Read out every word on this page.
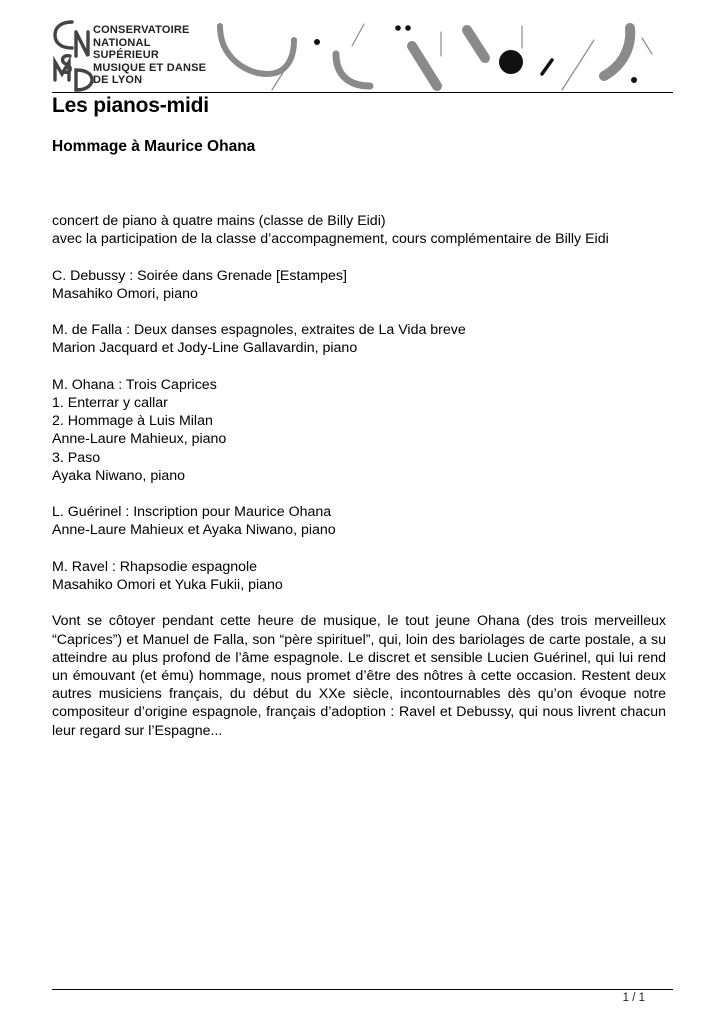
CONSERVATOIRE
NATIONAL
SUPÉRIEUR
MUSIQUE ET DANSE
DE LYON
Les pianos-midi
Hommage à Maurice Ohana
concert de piano à quatre mains (classe de Billy Eidi)
avec la participation de la classe d’accompagnement, cours complémentaire de Billy Eidi
C. Debussy : Soirée dans Grenade [Estampes]
Masahiko Omori, piano
M. de Falla : Deux danses espagnoles, extraites de La Vida breve
Marion Jacquard et Jody-Line Gallavardin, piano
M. Ohana : Trois Caprices
1. Enterrar y callar
2. Hommage à Luis Milan
Anne-Laure Mahieux, piano
3. Paso
Ayaka Niwano, piano
L. Guérinel : Inscription pour Maurice Ohana
Anne-Laure Mahieux et Ayaka Niwano, piano
M. Ravel : Rhapsodie espagnole
Masahiko Omori et Yuka Fukii, piano

Vont se côtoyer pendant cette heure de musique, le tout jeune Ohana (des trois merveilleux “Caprices”) et Manuel de Falla, son “père spirituel”, qui, loin des bariolages de carte postale, a su atteindre au plus profond de l’âme espagnole. Le discret et sensible Lucien Guérinel, qui lui rend un émouvant (et ému) hommage, nous promet d’être des nôtres à cette occasion. Restent deux autres musiciens français, du début du XXe siècle, incontournables dès qu’on évoque notre compositeur d’origine espagnole, français d’adoption : Ravel et Debussy, qui nous livrent chacun leur regard sur l’Espagne...

1 / 1
